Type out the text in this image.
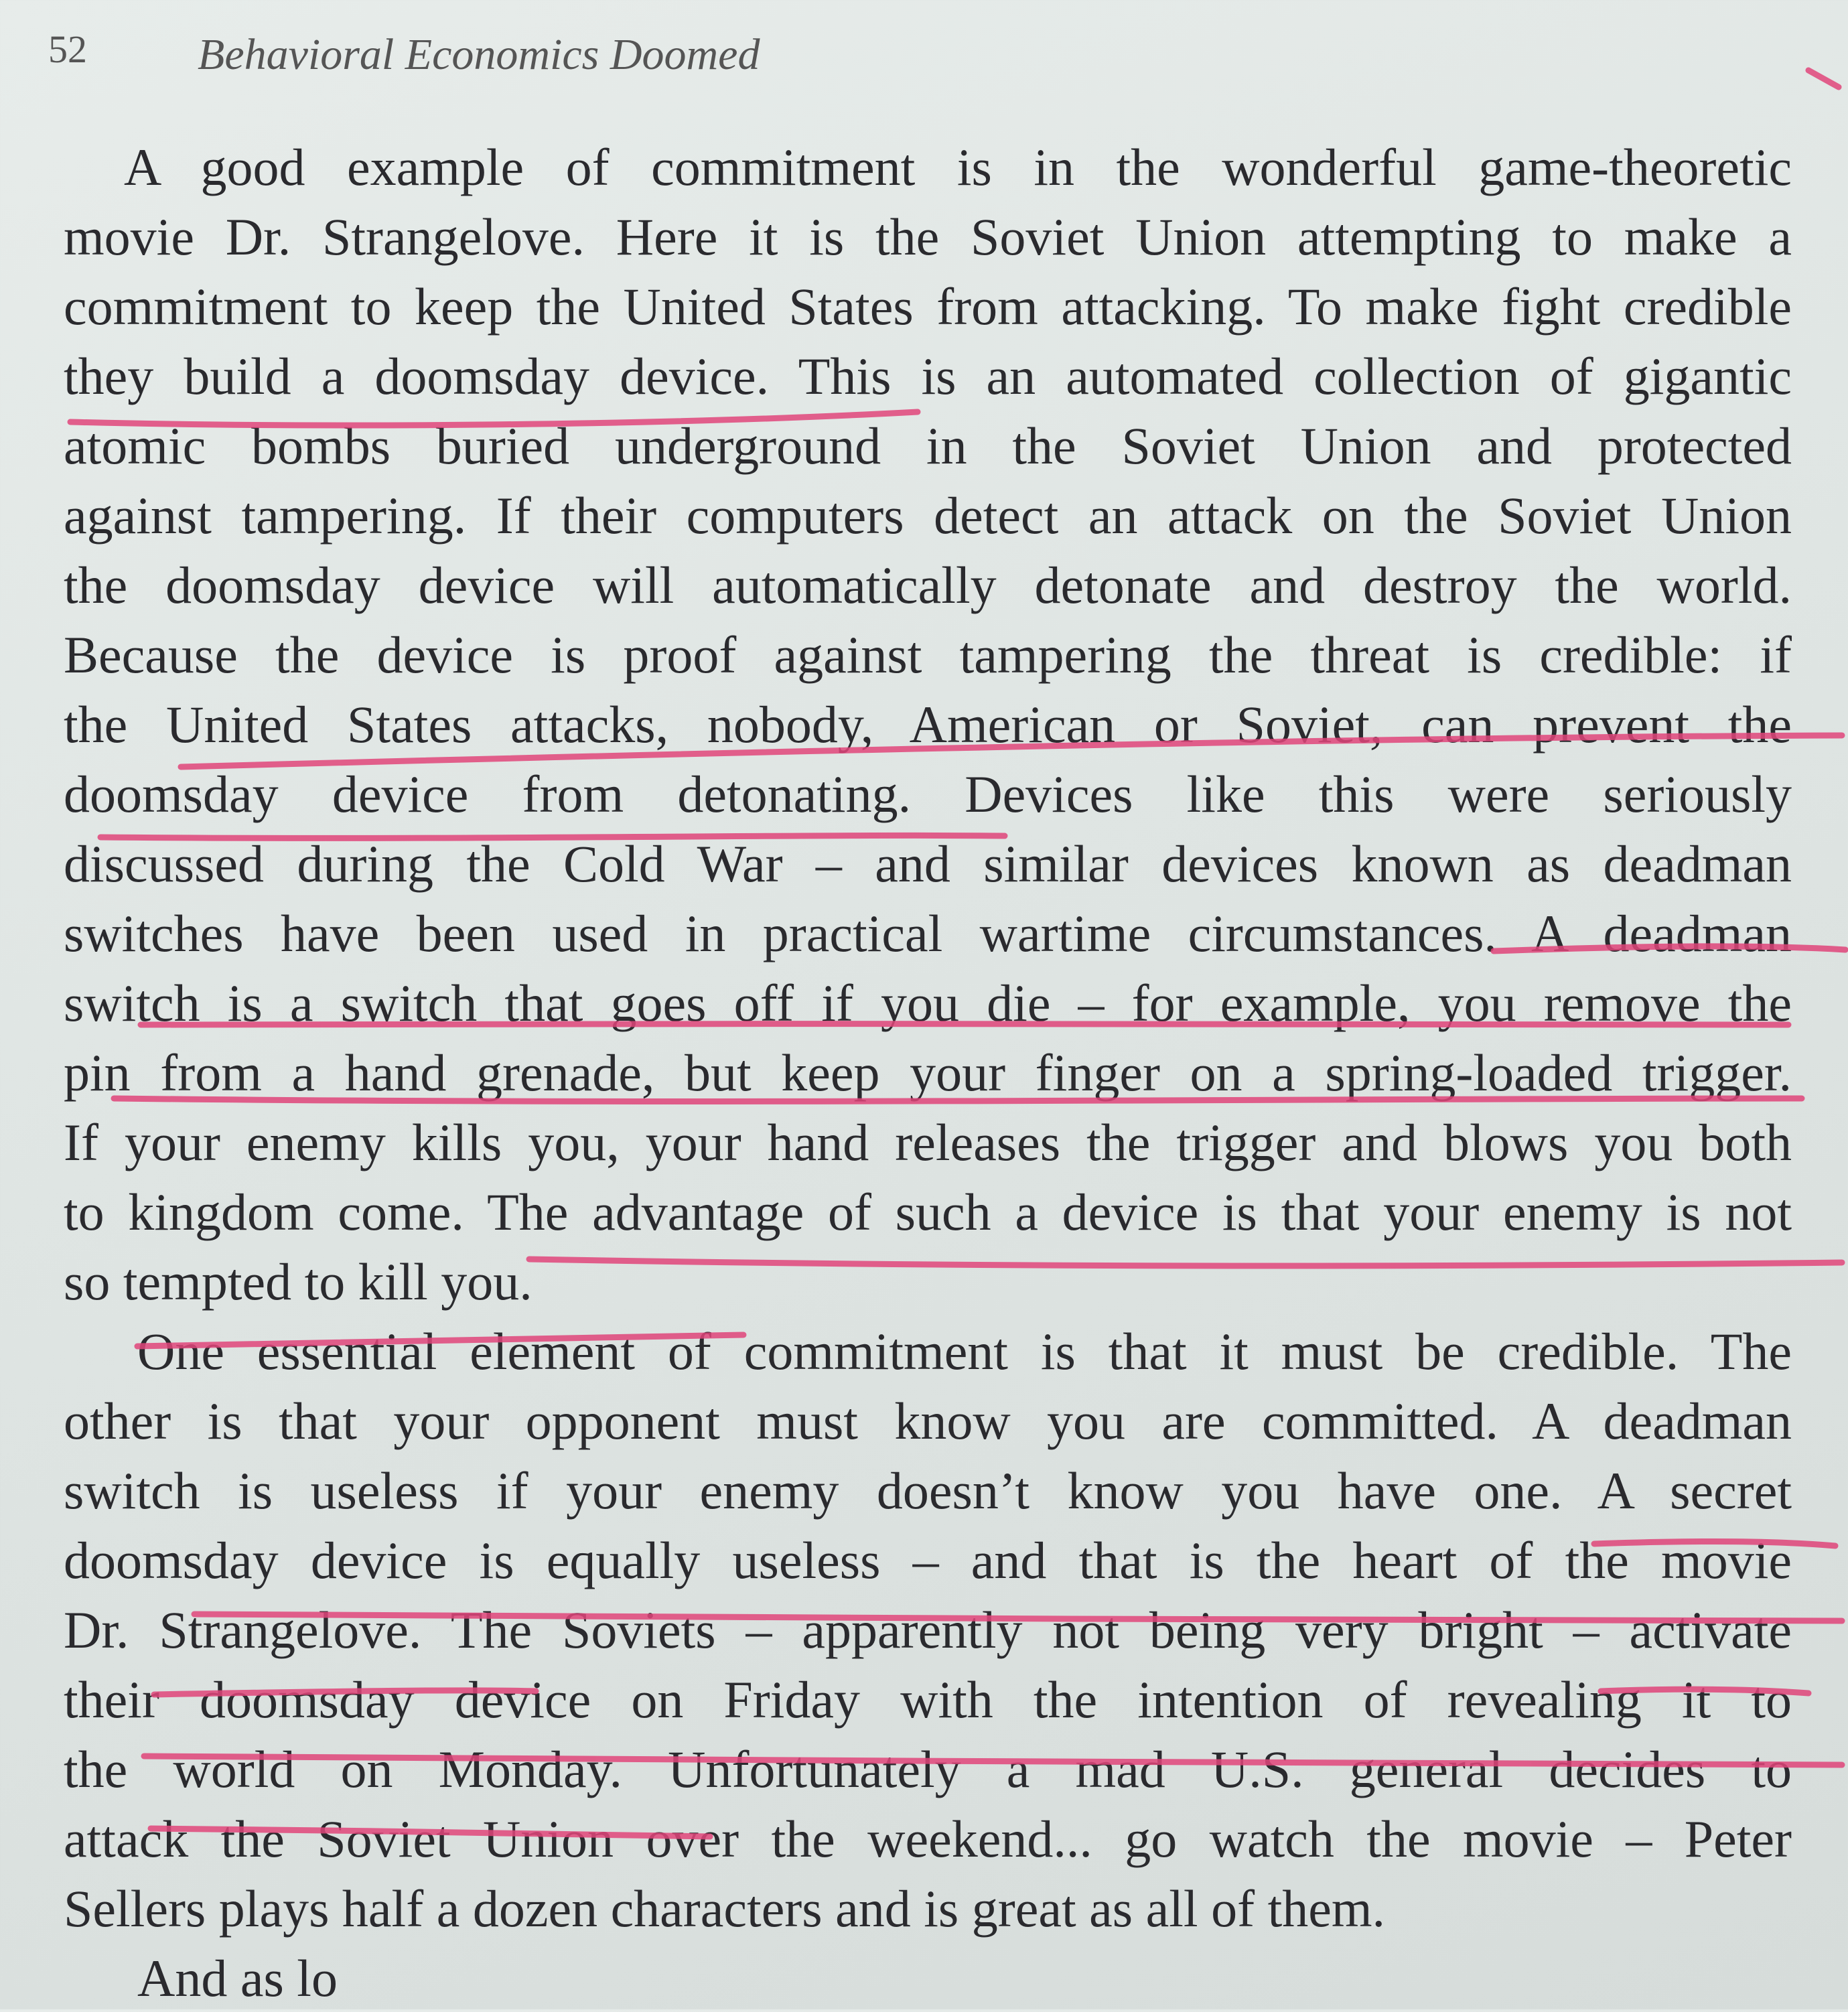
52	Behavioral Economics Doomed
A good example of commitment is in the wonderful game-theoretic
movie Dr. Strangelove. Here it is the Soviet Union attempting to make a
commitment to keep the United States from attacking. To make fight credible
they build a doomsday device. This is an automated collection of gigantic
atomic bombs buried underground in the Soviet Union and protected
against tampering. If their computers detect an attack on the Soviet Union
the doomsday device will automatically detonate and destroy the world.
Because the device is proof against tampering the threat is credible: if
the United States attacks, nobody, American or Soviet, can prevent the
doomsday device from detonating. Devices like this were seriously
discussed during the Cold War – and similar devices known as deadman
switches have been used in practical wartime circumstances. A deadman
switch is a switch that goes off if you die – for example, you remove the
pin from a hand grenade, but keep your finger on a spring-loaded trigger.
If your enemy kills you, your hand releases the trigger and blows you both
to kingdom come. The advantage of such a device is that your enemy is not
so tempted to kill you.
One essential element of commitment is that it must be credible. The
other is that your opponent must know you are committed. A deadman
switch is useless if your enemy doesn’t know you have one. A secret
doomsday device is equally useless – and that is the heart of the movie
Dr. Strangelove. The Soviets – apparently not being very bright – activate
their doomsday device on Friday with the intention of revealing it to
the world on Monday. Unfortunately a mad U.S. general decides to
attack the Soviet Union over the weekend... go watch the movie – Peter
Sellers plays half a dozen characters and is great as all of them.
And as lo
